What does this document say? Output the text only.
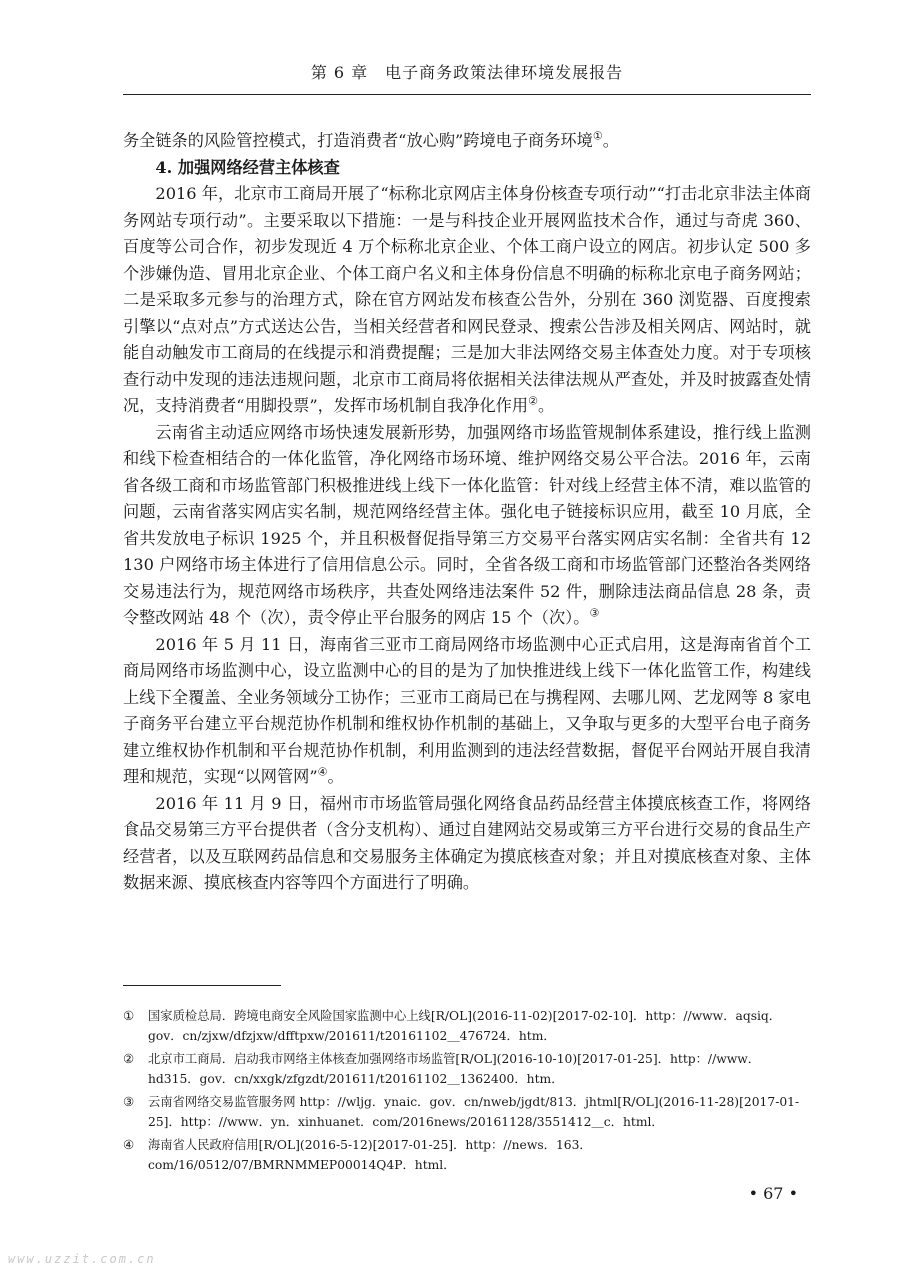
第 6 章　电子商务政策法律环境发展报告

务全链条的风险管控模式，打造消费者“放心购”跨境电子商务环境①。

4. 加强网络经营主体核查

2016 年，北京市工商局开展了“标称北京网店主体身份核查专项行动”“打击北京非法主体商务网站专项行动”。主要采取以下措施：一是与科技企业开展网监技术合作，通过与奇虎 360、百度等公司合作，初步发现近 4 万个标称北京企业、个体工商户设立的网店。初步认定 500 多个涉嫌伪造、冒用北京企业、个体工商户名义和主体身份信息不明确的标称北京电子商务网站；二是采取多元参与的治理方式，除在官方网站发布核查公告外，分别在 360 浏览器、百度搜索引擎以“点对点”方式送达公告，当相关经营者和网民登录、搜索公告涉及相关网店、网站时，就能自动触发市工商局的在线提示和消费提醒；三是加大非法网络交易主体查处力度。对于专项核查行动中发现的违法违规问题，北京市工商局将依据相关法律法规从严查处，并及时披露查处情况，支持消费者“用脚投票”，发挥市场机制自我净化作用②。

云南省主动适应网络市场快速发展新形势，加强网络市场监管规制体系建设，推行线上监测和线下检查相结合的一体化监管，净化网络市场环境、维护网络交易公平合法。2016 年，云南省各级工商和市场监管部门积极推进线上线下一体化监管：针对线上经营主体不清，难以监管的问题，云南省落实网店实名制，规范网络经营主体。强化电子链接标识应用，截至 10 月底，全省共发放电子标识 1925 个，并且积极督促指导第三方交易平台落实网店实名制：全省共有 12 130 户网络市场主体进行了信用信息公示。同时，全省各级工商和市场监管部门还整治各类网络交易违法行为，规范网络市场秩序，共查处网络违法案件 52 件，删除违法商品信息 28 条，责令整改网站 48 个（次），责令停止平台服务的网店 15 个（次）。③

2016 年 5 月 11 日，海南省三亚市工商局网络市场监测中心正式启用，这是海南省首个工商局网络市场监测中心，设立监测中心的目的是为了加快推进线上线下一体化监管工作，构建线上线下全覆盖、全业务领域分工协作；三亚市工商局已在与携程网、去哪儿网、艺龙网等 8 家电子商务平台建立平台规范协作机制和维权协作机制的基础上，又争取与更多的大型平台电子商务建立维权协作机制和平台规范协作机制，利用监测到的违法经营数据，督促平台网站开展自我清理和规范，实现“以网管网”④。

2016 年 11 月 9 日，福州市市场监管局强化网络食品药品经营主体摸底核查工作，将网络食品交易第三方平台提供者（含分支机构）、通过自建网站交易或第三方平台进行交易的食品生产经营者，以及互联网药品信息和交易服务主体确定为摸底核查对象；并且对摸底核查对象、主体数据来源、摸底核查内容等四个方面进行了明确。

①	国家质检总局．跨境电商安全风险国家监测中心上线[R/OL](2016-11-02)[2017-02-10]．http：//www．aqsiq．gov．cn/zjxw/dfzjxw/dfftpxw/201611/t20161102＿476724．htm．
②	北京市工商局．启动我市网络主体核查加强网络市场监管[R/OL](2016-10-10)[2017-01-25]．http：//www．hd315．gov．cn/xxgk/zfgzdt/201611/t20161102＿1362400．htm．
③	云南省网络交易监管服务网 http：//wljg．ynaic．gov．cn/nweb/jgdt/813．jhtml[R/OL](2016-11-28)[2017-01-25]．http：//www．yn．xinhuanet．com/2016news/20161128/3551412＿c．html．
④	海南省人民政府信用[R/OL](2016-5-12)[2017-01-25]．http：//news．163．com/16/0512/07/BMRNMMEP00014Q4P．html．
• 67 •
www.uzzit.com.cn
